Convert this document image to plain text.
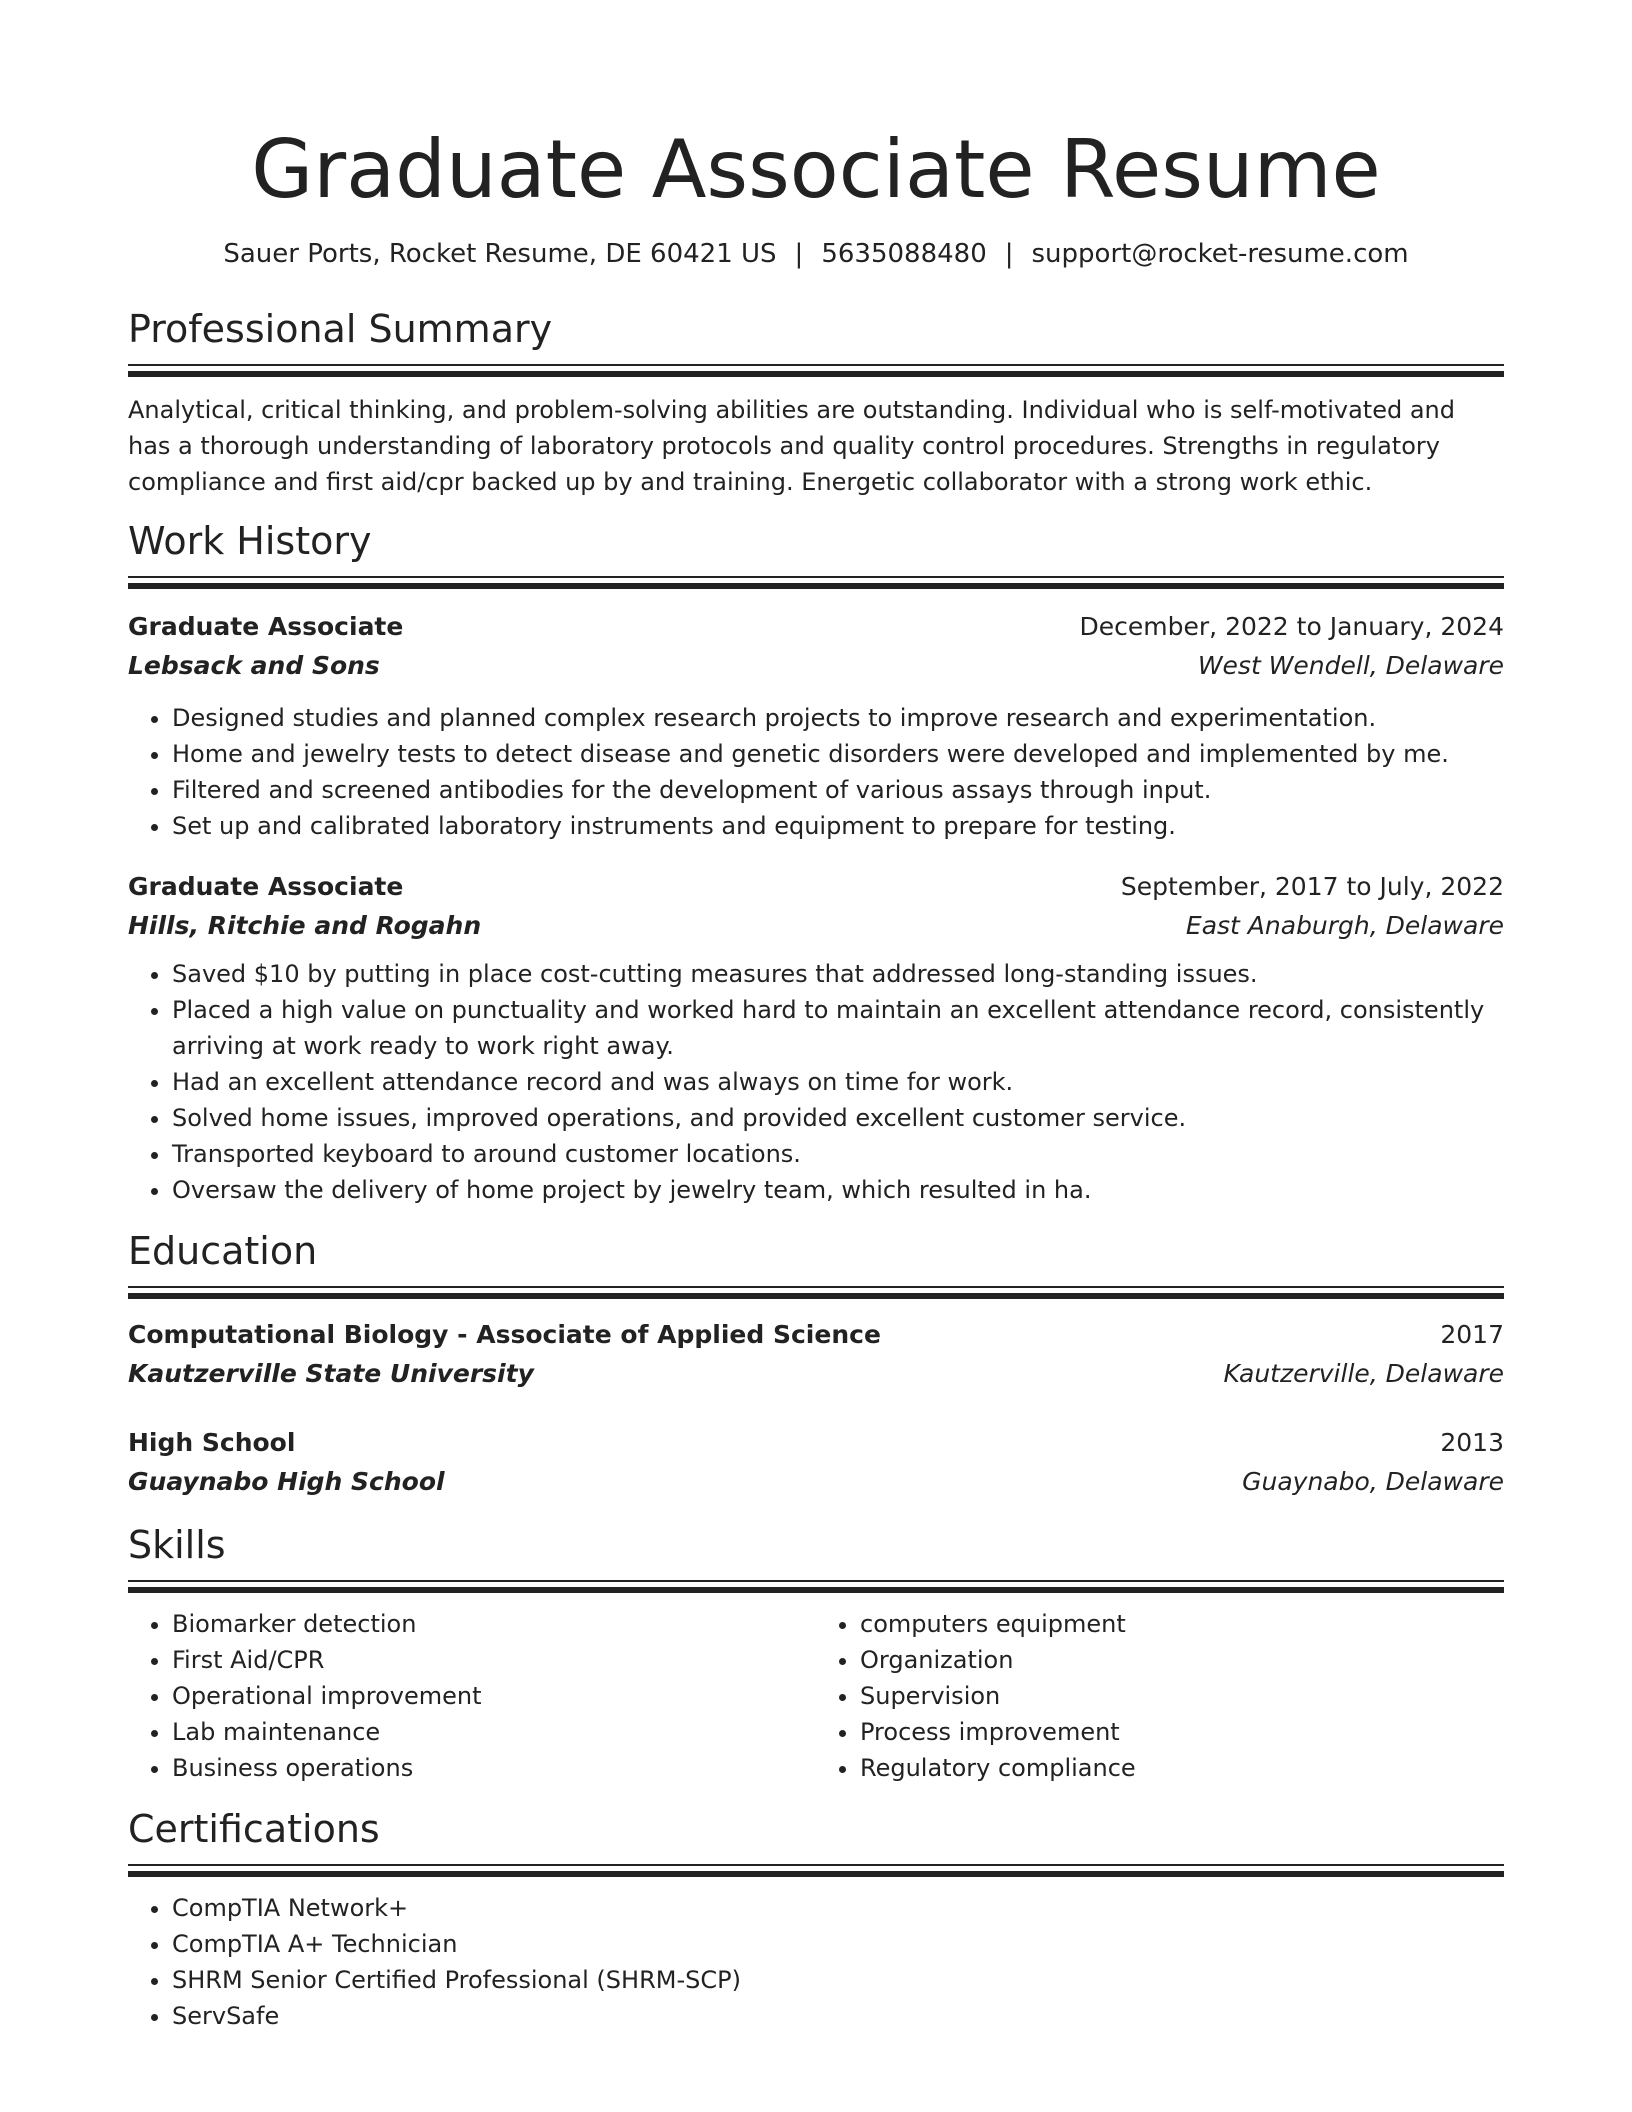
Graduate Associate Resume
Sauer Ports, Rocket Resume, DE 60421 US | 5635088480 | support@rocket-resume.com
Professional Summary

Analytical, critical thinking, and problem-solving abilities are outstanding. Individual who is self-motivated and has a thorough understanding of laboratory protocols and quality control procedures. Strengths in regulatory compliance and first aid/cpr backed up by and training. Energetic collaborator with a strong work ethic.

Work History
Graduate Associate	December, 2022 to January, 2024
Lebsack and Sons	West Wendell, Delaware
• Designed studies and planned complex research projects to improve research and experimentation.
• Home and jewelry tests to detect disease and genetic disorders were developed and implemented by me.
• Filtered and screened antibodies for the development of various assays through input.
• Set up and calibrated laboratory instruments and equipment to prepare for testing.
Graduate Associate	September, 2017 to July, 2022
Hills, Ritchie and Rogahn	East Anaburgh, Delaware
• Saved $10 by putting in place cost-cutting measures that addressed long-standing issues.
• Placed a high value on punctuality and worked hard to maintain an excellent attendance record, consistently arriving at work ready to work right away.
• Had an excellent attendance record and was always on time for work.
• Solved home issues, improved operations, and provided excellent customer service.
• Transported keyboard to around customer locations.
• Oversaw the delivery of home project by jewelry team, which resulted in ha.
Education
Computational Biology - Associate of Applied Science	2017
Kautzerville State University	Kautzerville, Delaware
High School	2013
Guaynabo High School	Guaynabo, Delaware
Skills
• Biomarker detection
• First Aid/CPR
• Operational improvement
• Lab maintenance
• Business operations
• computers equipment
• Organization
• Supervision
• Process improvement
• Regulatory compliance
Certifications
• CompTIA Network+
• CompTIA A+ Technician
• SHRM Senior Certified Professional (SHRM-SCP)
• ServSafe
